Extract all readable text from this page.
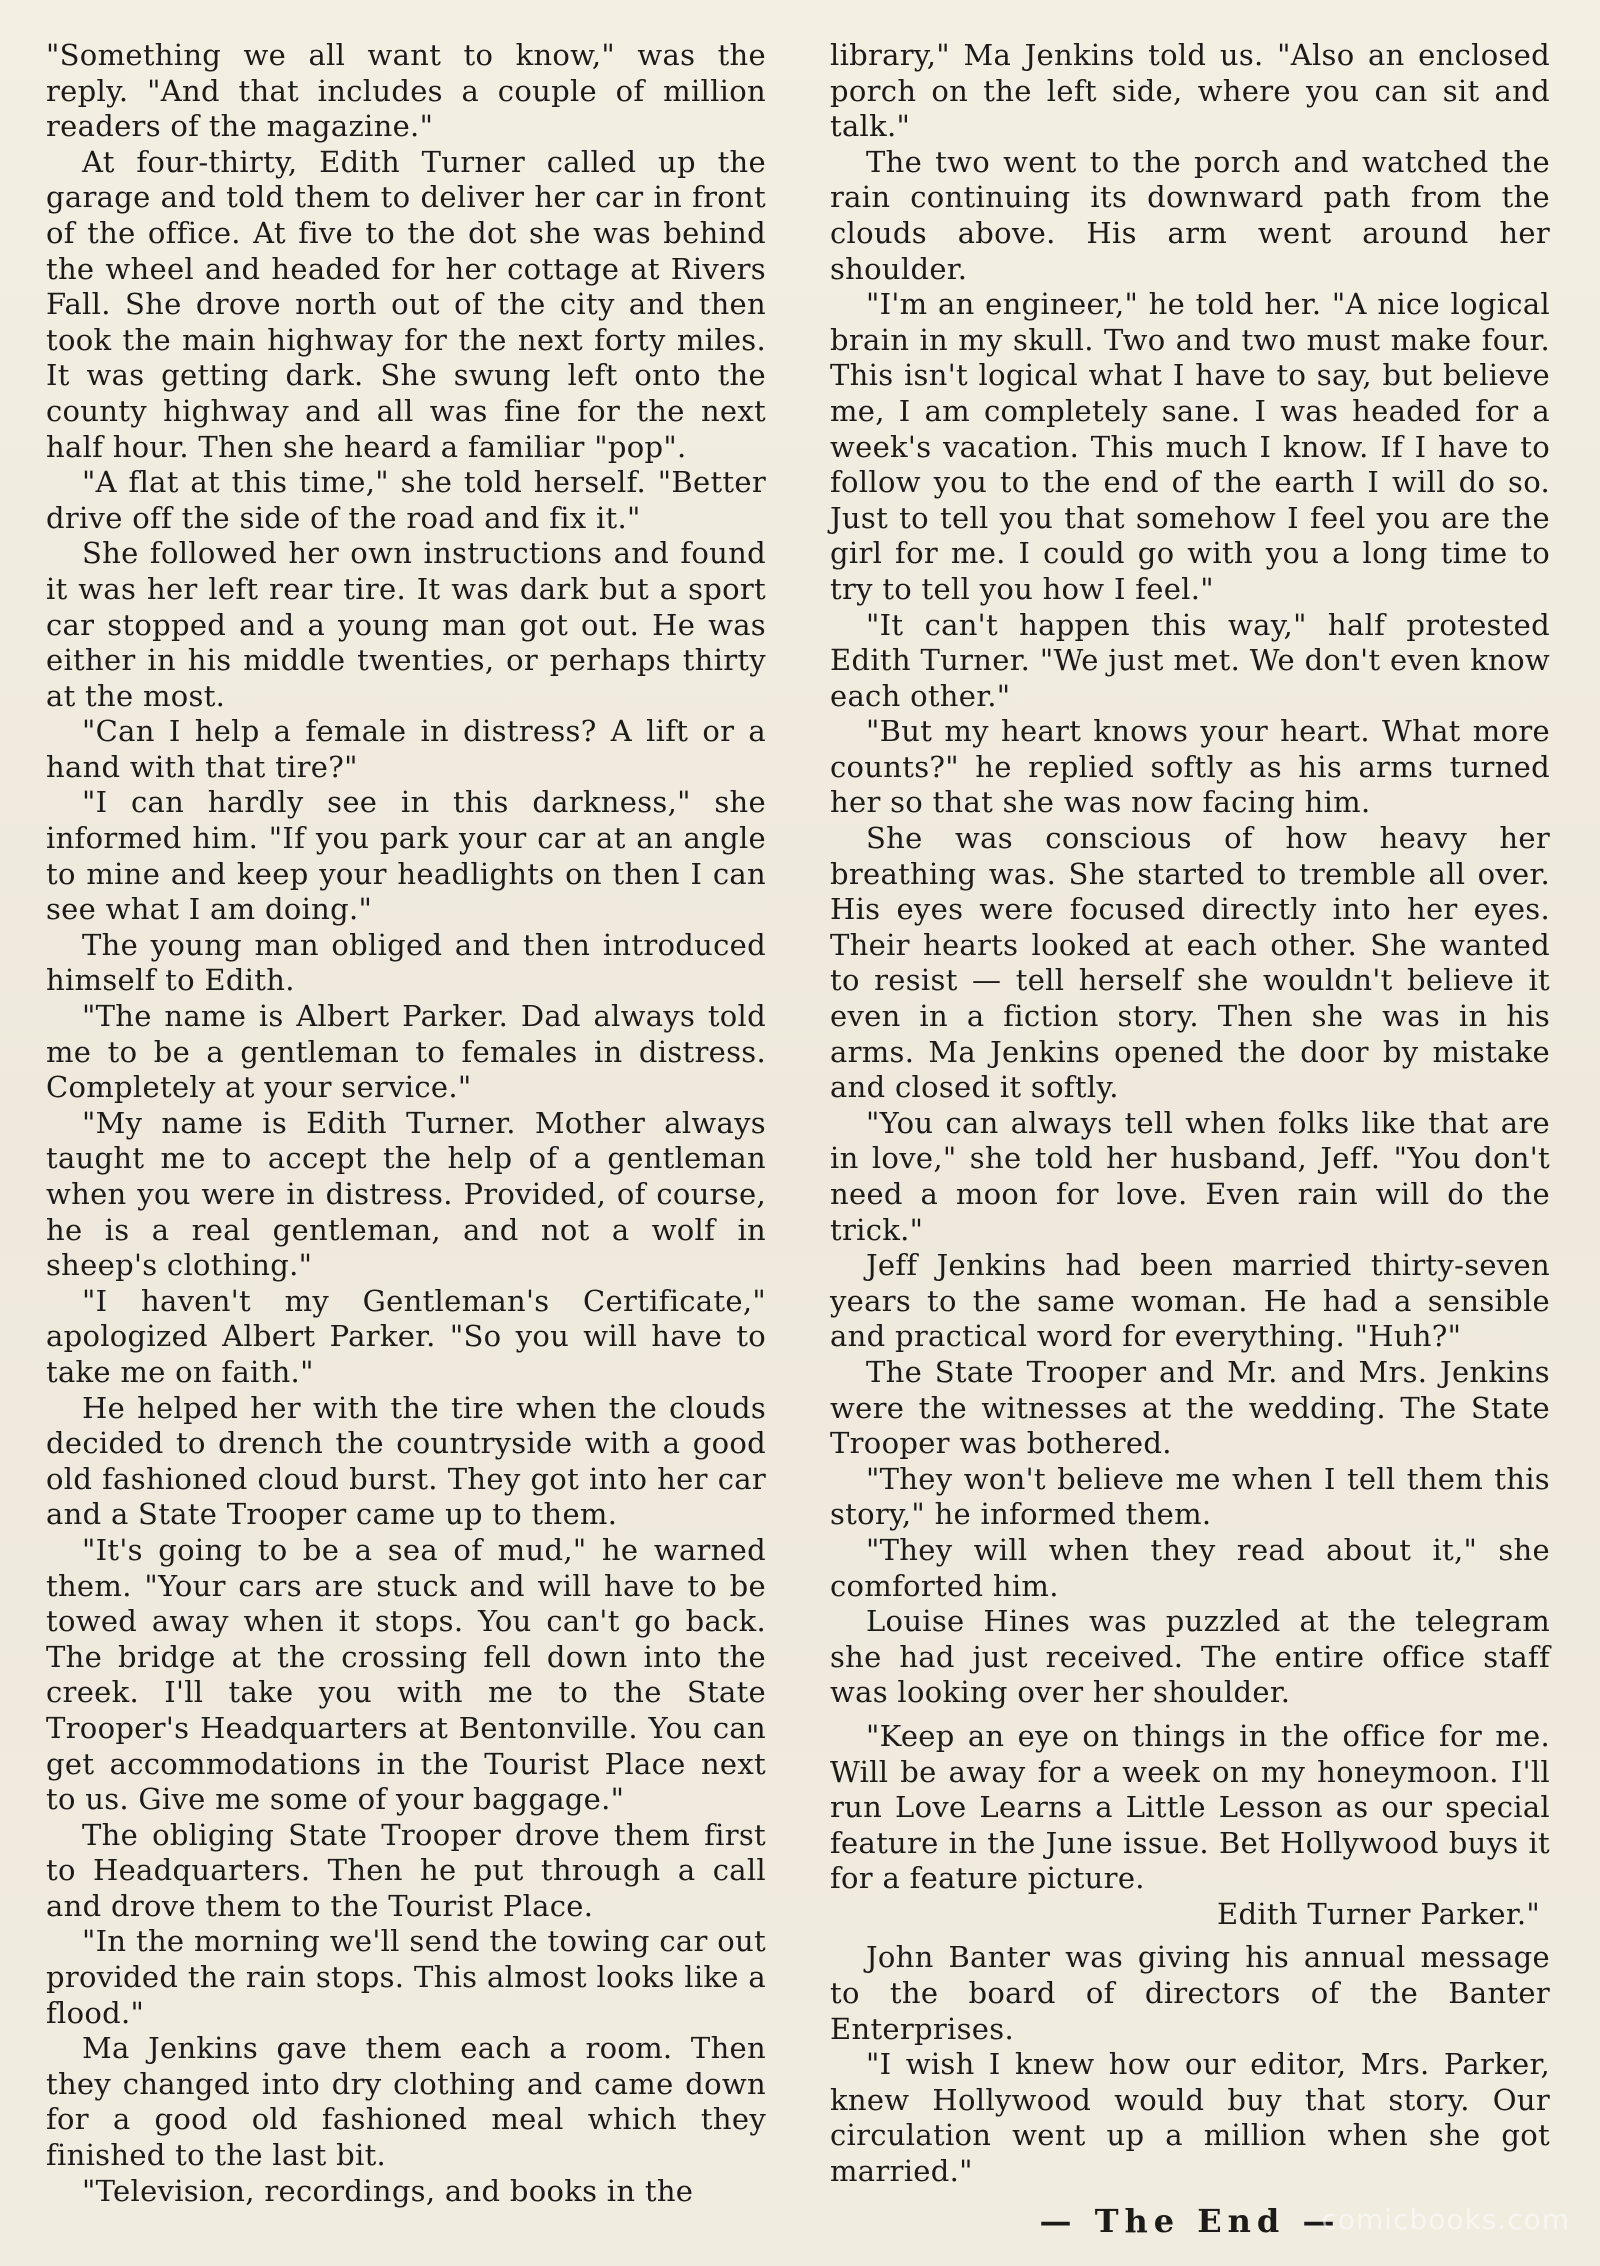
"Something we all want to know," was the reply. "And that includes a couple of million readers of the magazine."

At four-thirty, Edith Turner called up the garage and told them to deliver her car in front of the office. At five to the dot she was behind the wheel and headed for her cottage at Rivers Fall. She drove north out of the city and then took the main highway for the next forty miles. It was getting dark. She swung left onto the county highway and all was fine for the next half hour. Then she heard a familiar "pop".

"A flat at this time," she told herself. "Better drive off the side of the road and fix it."

She followed her own instructions and found it was her left rear tire. It was dark but a sport car stopped and a young man got out. He was either in his middle twenties, or perhaps thirty at the most.

"Can I help a female in distress? A lift or a hand with that tire?"

"I can hardly see in this darkness," she informed him. "If you park your car at an angle to mine and keep your headlights on then I can see what I am doing."

The young man obliged and then introduced himself to Edith.

"The name is Albert Parker. Dad always told me to be a gentleman to females in distress. Completely at your service."

"My name is Edith Turner. Mother always taught me to accept the help of a gentleman when you were in distress. Provided, of course, he is a real gentleman, and not a wolf in sheep's clothing."

"I haven't my Gentleman's Certificate," apologized Albert Parker. "So you will have to take me on faith."

He helped her with the tire when the clouds decided to drench the countryside with a good old fashioned cloud burst. They got into her car and a State Trooper came up to them.

"It's going to be a sea of mud," he warned them. "Your cars are stuck and will have to be towed away when it stops. You can't go back. The bridge at the crossing fell down into the creek. I'll take you with me to the State Trooper's Headquarters at Bentonville. You can get accommodations in the Tourist Place next to us. Give me some of your baggage."

The obliging State Trooper drove them first to Headquarters. Then he put through a call and drove them to the Tourist Place.

"In the morning we'll send the towing car out provided the rain stops. This almost looks like a flood."

Ma Jenkins gave them each a room. Then they changed into dry clothing and came down for a good old fashioned meal which they finished to the last bit.

"Television, recordings, and books in the

library," Ma Jenkins told us. "Also an enclosed porch on the left side, where you can sit and talk."

The two went to the porch and watched the rain continuing its downward path from the clouds above. His arm went around her shoulder.

"I'm an engineer," he told her. "A nice logical brain in my skull. Two and two must make four. This isn't logical what I have to say, but believe me, I am completely sane. I was headed for a week's vacation. This much I know. If I have to follow you to the end of the earth I will do so. Just to tell you that somehow I feel you are the girl for me. I could go with you a long time to try to tell you how I feel."

"It can't happen this way," half protested Edith Turner. "We just met. We don't even know each other."

"But my heart knows your heart. What more counts?" he replied softly as his arms turned her so that she was now facing him.

She was conscious of how heavy her breathing was. She started to tremble all over. His eyes were focused directly into her eyes. Their hearts looked at each other. She wanted to resist — tell herself she wouldn't believe it even in a fiction story. Then she was in his arms. Ma Jenkins opened the door by mistake and closed it softly.

"You can always tell when folks like that are in love," she told her husband, Jeff. "You don't need a moon for love. Even rain will do the trick."

Jeff Jenkins had been married thirty-seven years to the same woman. He had a sensible and practical word for everything. "Huh?"

The State Trooper and Mr. and Mrs. Jenkins were the witnesses at the wedding. The State Trooper was bothered.

"They won't believe me when I tell them this story," he informed them.

"They will when they read about it," she comforted him.

Louise Hines was puzzled at the telegram she had just received. The entire office staff was looking over her shoulder.

"Keep an eye on things in the office for me. Will be away for a week on my honeymoon. I'll run Love Learns a Little Lesson as our special feature in the June issue. Bet Hollywood buys it for a feature picture.

Edith Turner Parker."

John Banter was giving his annual message to the board of directors of the Banter Enterprises.

"I wish I knew how our editor, Mrs. Parker, knew Hollywood would buy that story. Our circulation went up a million when she got married."

— The End —

comicbooks.com
